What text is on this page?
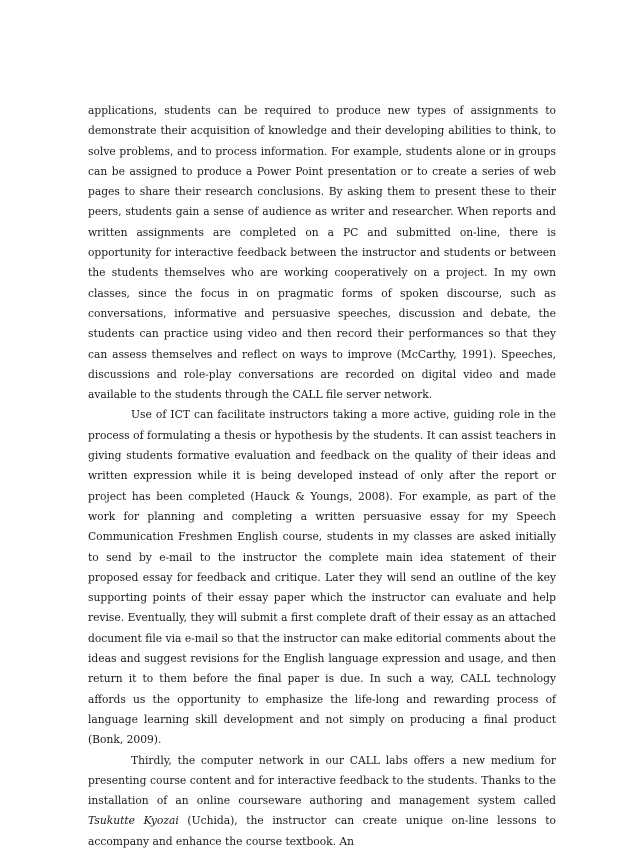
applications, students can be required to produce new types of assignments to demonstrate their acquisition of knowledge and their developing abilities to think, to solve problems, and to process information. For example, students alone or in groups can be assigned to produce a Power Point presentation or to create a series of web pages to share their research conclusions. By asking them to present these to their peers, students gain a sense of audience as writer and researcher. When reports and written assignments are completed on a PC and submitted on-line, there is opportunity for interactive feedback between the instructor and students or between the students themselves who are working cooperatively on a project. In my own classes, since the focus in on pragmatic forms of spoken discourse, such as conversations, informative and persuasive speeches, discussion and debate, the students can practice using video and then record their performances so that they can assess themselves and reflect on ways to improve (McCarthy, 1991). Speeches, discussions and role-play conversations are recorded on digital video and made available to the students through the CALL file server network.

Use of ICT can facilitate instructors taking a more active, guiding role in the process of formulating a thesis or hypothesis by the students. It can assist teachers in giving students formative evaluation and feedback on the quality of their ideas and written expression while it is being developed instead of only after the report or project has been completed (Hauck & Youngs, 2008). For example, as part of the work for planning and completing a written persuasive essay for my Speech Communication Freshmen English course, students in my classes are asked initially to send by e-mail to the instructor the complete main idea statement of their proposed essay for feedback and critique. Later they will send an outline of the key supporting points of their essay paper which the instructor can evaluate and help revise. Eventually, they will submit a first complete draft of their essay as an attached document file via e-mail so that the instructor can make editorial comments about the ideas and suggest revisions for the English language expression and usage, and then return it to them before the final paper is due. In such a way, CALL technology affords us the opportunity to emphasize the life-long and rewarding process of language learning skill development and not simply on producing a final product (Bonk, 2009).

Thirdly, the computer network in our CALL labs offers a new medium for presenting course content and for interactive feedback to the students. Thanks to the installation of an online courseware authoring and management system called Tsukutte Kyozai (Uchida), the instructor can create unique on-line lessons to accompany and enhance the course textbook. An
